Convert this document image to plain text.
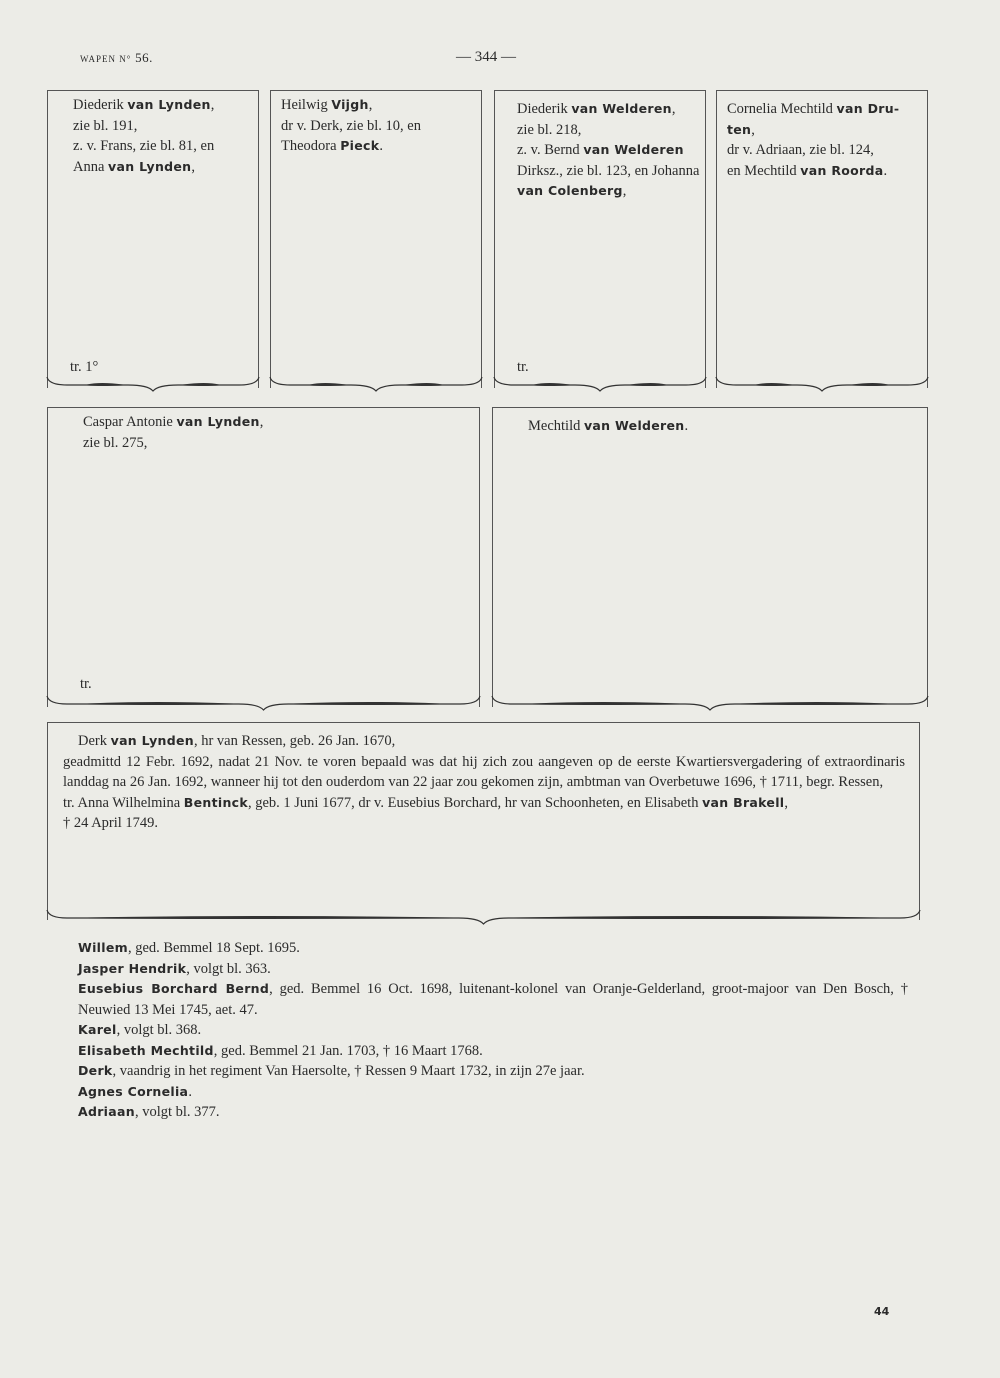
WAPEN N° 56.	— 344 —
Diederik van Lynden,
zie bl. 191,
z. v. Frans, zie bl. 81, en
Anna van Lynden,
tr. 1°
Heilwig Vijgh,
dr v. Derk, zie bl. 10, en
Theodora Pieck.
Diederik van Welderen,
zie bl. 218,
z. v. Bernd van Welderen
Dirksz., zie bl. 123, en Johanna
van Colenberg,
tr.
Cornelia Mechtild van Dru-
ten,
dr v. Adriaan, zie bl. 124,
en Mechtild van Roorda.
Caspar Antonie van Lynden,
zie bl. 275,
tr.
Mechtild van Welderen.
Derk van Lynden, hr van Ressen, geb. 26 Jan. 1670,
geadmittd 12 Febr. 1692, nadat 21 Nov. te voren bepaald was dat hij zich zou aangeven op de eerste Kwartiersvergadering of extraordinaris landdag na 26 Jan. 1692, wanneer hij tot den ouderdom van 22 jaar zou gekomen zijn, ambtman van Overbetuwe 1696, † 1711, begr. Ressen,
tr. Anna Wilhelmina Bentinck, geb. 1 Juni 1677, dr v. Eusebius Borchard, hr van Schoonheten, en Elisabeth van Brakell,
† 24 April 1749.
Willem, ged. Bemmel 18 Sept. 1695.
Jasper Hendrik, volgt bl. 363.
Eusebius Borchard Bernd, ged. Bemmel 16 Oct. 1698, luitenant-kolonel van Oranje-Gelderland, groot-majoor van Den Bosch, † Neuwied 13 Mei 1745, aet. 47.
Karel, volgt bl. 368.
Elisabeth Mechtild, ged. Bemmel 21 Jan. 1703, † 16 Maart 1768.
Derk, vaandrig in het regiment Van Haersolte, † Ressen 9 Maart 1732, in zijn 27e jaar.
Agnes Cornelia.
Adriaan, volgt bl. 377.
44
